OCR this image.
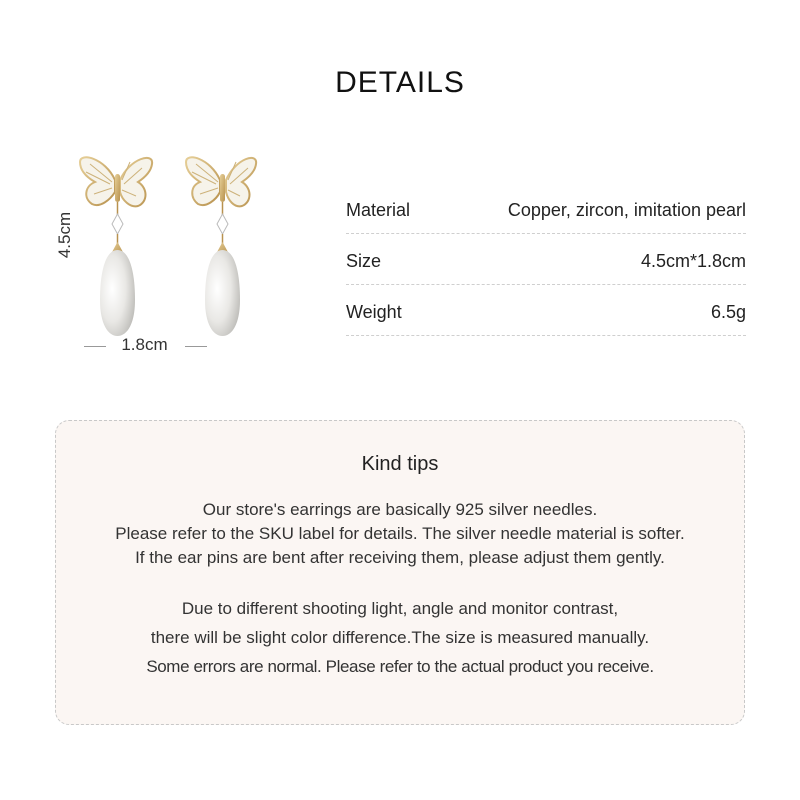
DETAILS
4.5cm
1.8cm
Material	Copper, zircon, imitation pearl
Size	4.5cm*1.8cm
Weight	6.5g
Kind tips
Our store's earrings are basically 925 silver needles.
Please refer to the SKU label for details. The silver needle material is softer.
If the ear pins are bent after receiving them, please adjust them gently.
Due to different shooting light, angle and monitor contrast,
there will be slight color difference.The size is measured manually.
Some errors are normal. Please refer to the actual product you receive.
